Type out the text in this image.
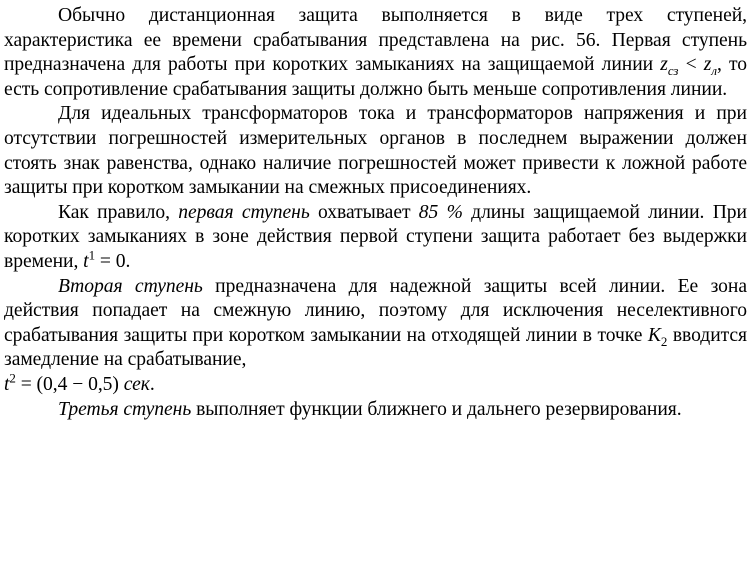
Обычно дистанционная защита выполняется в виде трех ступеней, характеристика ее времени срабатывания представлена на рис. 56. Первая ступень предназначена для работы при коротких замыканиях на защищаемой линии $z_{сз} < z_л$, то есть сопротивление срабатывания защиты должно быть меньше сопротивления линии.

Для идеальных трансформаторов тока и трансформаторов напряжения и при отсутствии погрешностей измерительных органов в последнем выражении должен стоять знак равенства, однако наличие погрешностей может привести к ложной работе защиты при коротком замыкании на смежных присоединениях.

Как правило, первая ступень охватывает 85 % длины защищаемой линии. При коротких замыканиях в зоне действия первой ступени защита работает без выдержки времени, $t^1 = 0$.

Вторая ступень предназначена для надежной защиты всей линии. Ее зона действия попадает на смежную линию, поэтому для исключения неселективного срабатывания защиты при коротком замыкании на отходящей линии в точке $K_2$ вводится замедление на срабатывание,

$t^2 = (0,4 - 0,5)$ сек.

Третья ступень выполняет функции ближнего и дальнего резервирования.
